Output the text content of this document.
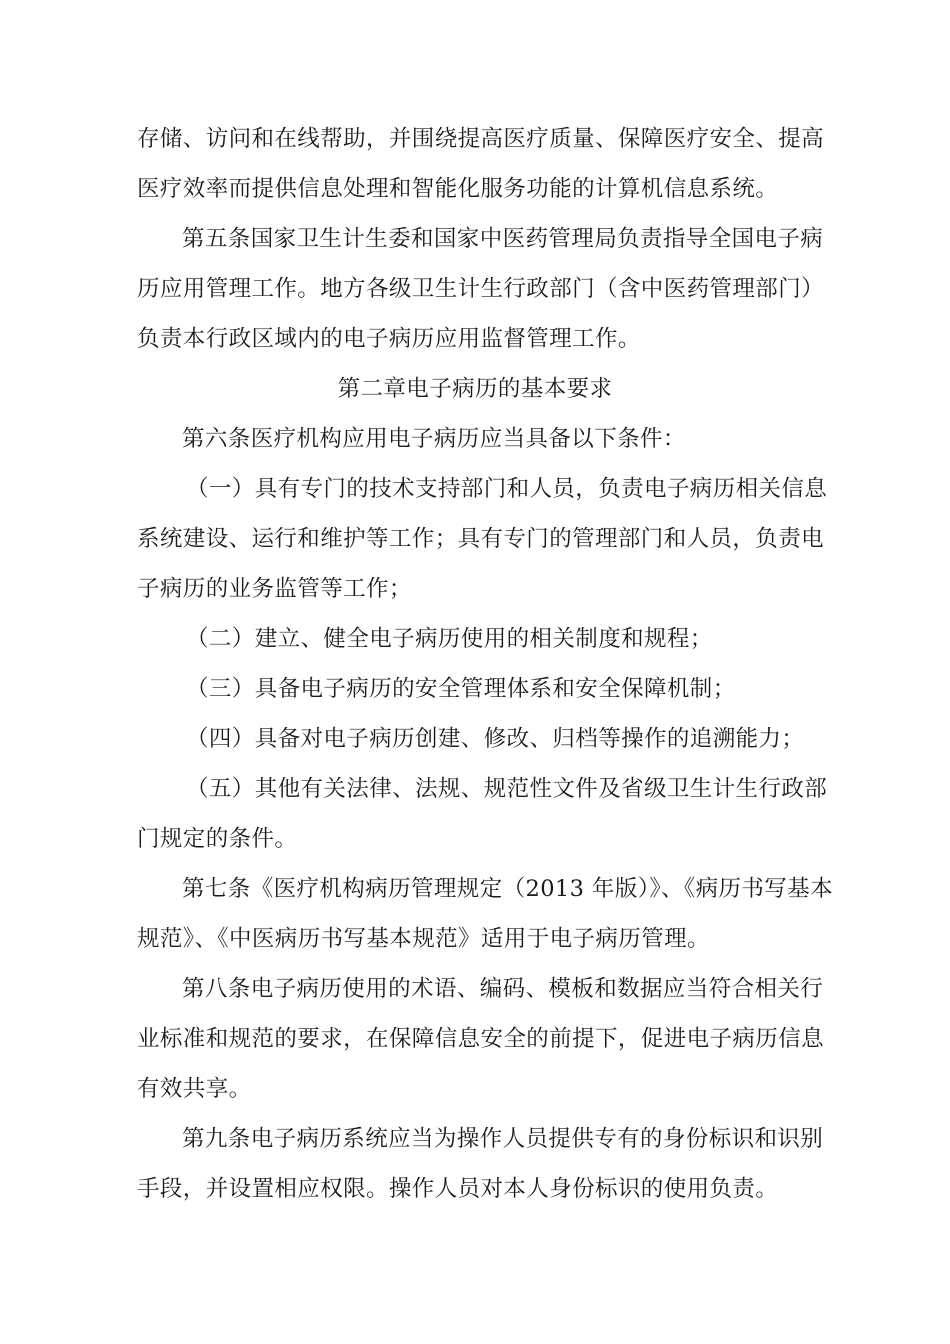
存储、访问和在线帮助，并围绕提高医疗质量、保障医疗安全、提高
医疗效率而提供信息处理和智能化服务功能的计算机信息系统。
第五条国家卫生计生委和国家中医药管理局负责指导全国电子病
历应用管理工作。地方各级卫生计生行政部门（含中医药管理部门）
负责本行政区域内的电子病历应用监督管理工作。
第二章电子病历的基本要求
第六条医疗机构应用电子病历应当具备以下条件：
（一）具有专门的技术支持部门和人员，负责电子病历相关信息
系统建设、运行和维护等工作；具有专门的管理部门和人员，负责电
子病历的业务监管等工作；
（二）建立、健全电子病历使用的相关制度和规程；
（三）具备电子病历的安全管理体系和安全保障机制；
（四）具备对电子病历创建、修改、归档等操作的追溯能力；
（五）其他有关法律、法规、规范性文件及省级卫生计生行政部
门规定的条件。
第七条《医疗机构病历管理规定（2013 年版）》、《病历书写基本
规范》、《中医病历书写基本规范》适用于电子病历管理。
第八条电子病历使用的术语、编码、模板和数据应当符合相关行
业标准和规范的要求，在保障信息安全的前提下，促进电子病历信息
有效共享。
第九条电子病历系统应当为操作人员提供专有的身份标识和识别
手段，并设置相应权限。操作人员对本人身份标识的使用负责。
